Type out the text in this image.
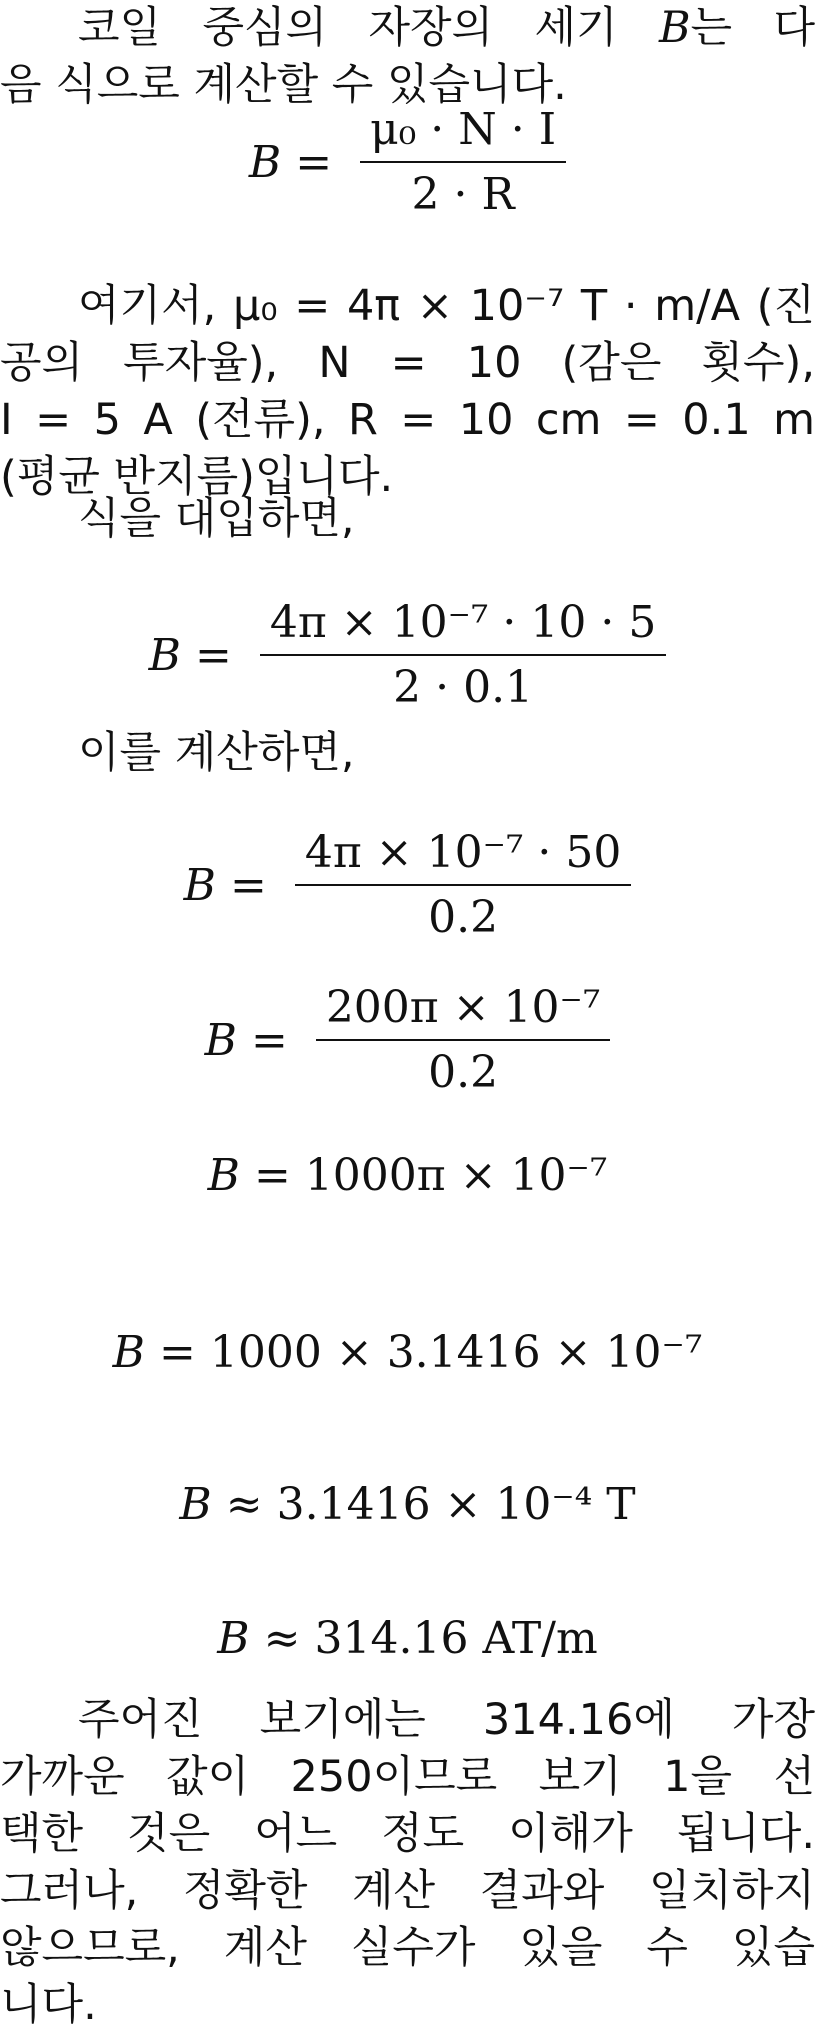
코일 중심의 자장의 세기 B는 다
음 식으로 계산할 수 있습니다.

$B = \frac{\text{μ₀ · N · I}}{2 \cdot R}$

여기서, μ₀ = 4π × 10⁻⁷ T · m/A (진
공의 투자율), N = 10 (감은 횟수),
I = 5 A (전류), R = 10 cm = 0.1 m
(평균 반지름)입니다.

식을 대입하면,

$B = \frac{\text{4π × 10⁻⁷ · 10 · 5}}{2 \cdot 0.1}$

이를 계산하면,

$B = \frac{\text{4π × 10⁻⁷ · 50}}{0.2}$
$B = \frac{\text{200π × 10⁻⁷}}{0.2}$
B = 1000π × 10⁻⁷
B = 1000 × 3.1416 × 10⁻⁷
B ≈ 3.1416 × 10⁻⁴ T
B ≈ 314.16 AT/m

주어진 보기에는 314.16에 가장
가까운 값이 250이므로 보기 1을 선
택한 것은 어느 정도 이해가 됩니다.
그러나, 정확한 계산 결과와 일치하지
않으므로, 계산 실수가 있을 수 있습
니다.
